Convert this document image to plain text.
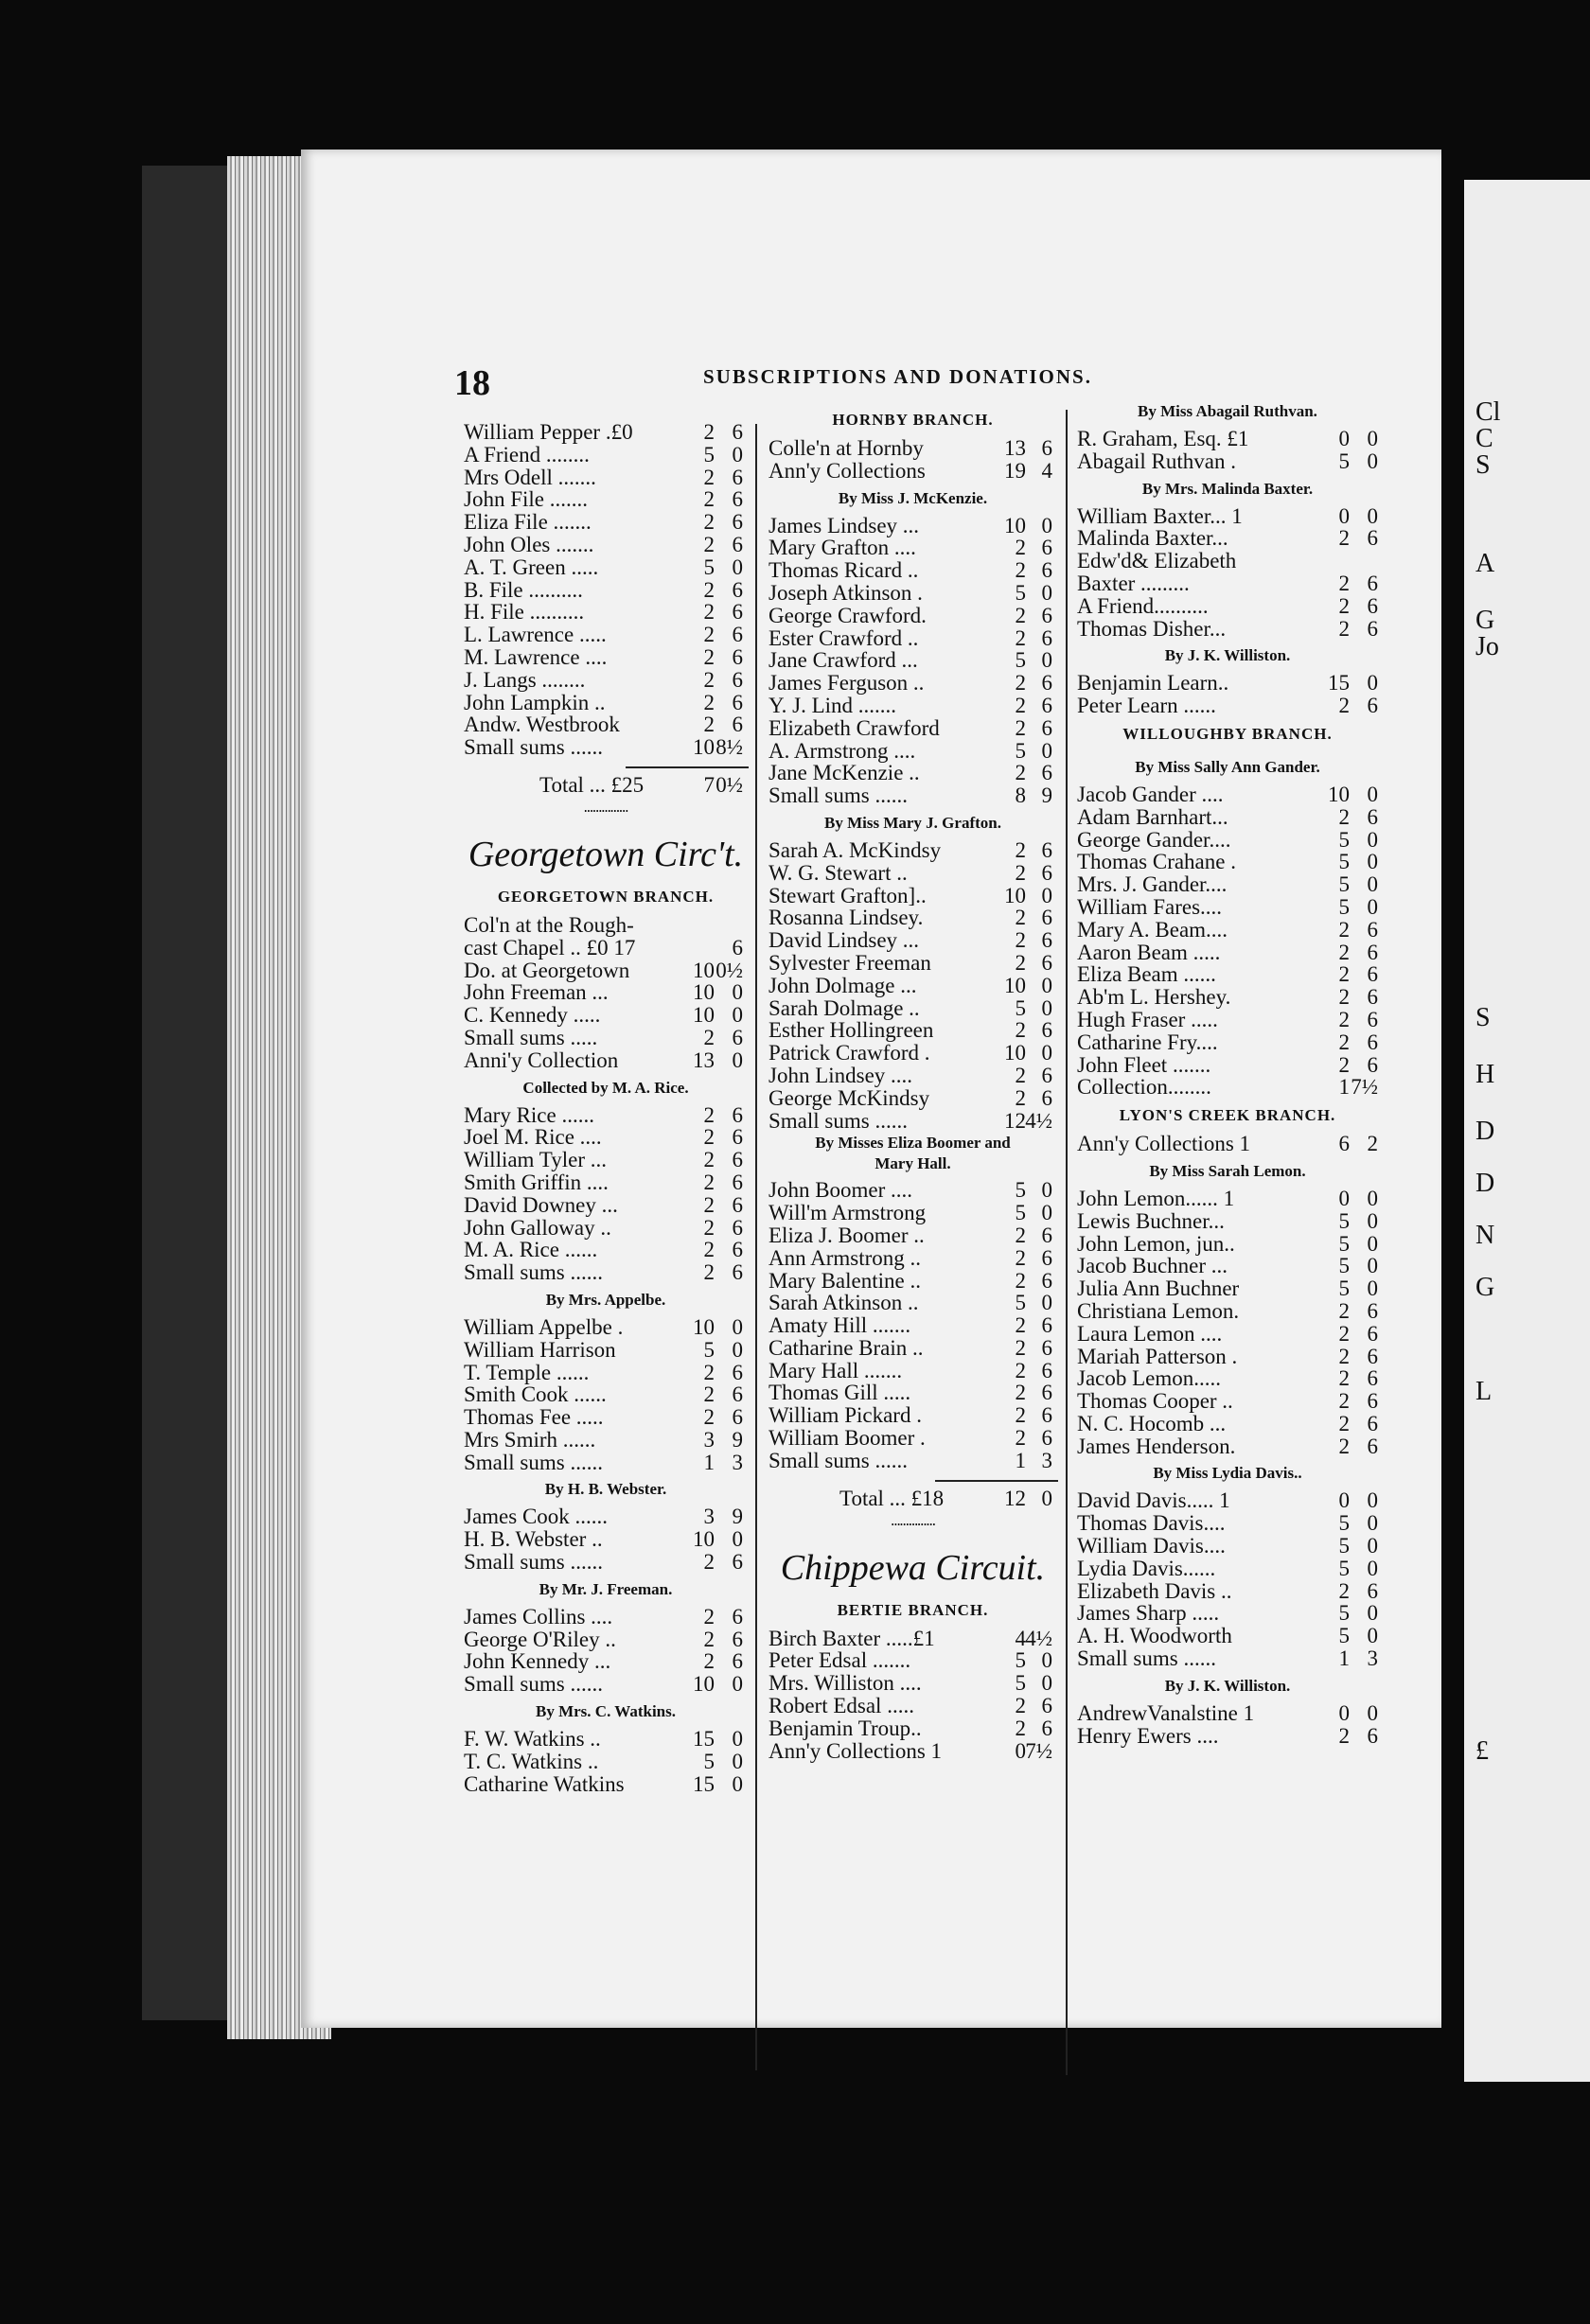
Cl
C
S
A
G
Jo
S
H
D
D
N
G
L
£
18	SUBSCRIPTIONS AND DONATIONS.
William Pepper .£0	2 6
A Friend ........	5 0
Mrs Odell .......	2 6
John File .......	2 6
Eliza File .......	2 6
John Oles .......	2 6
A. T. Green .....	5 0
B. File ..........	2 6
H. File ..........	2 6
L. Lawrence .....	2 6
M. Lawrence ....	2 6
J. Langs ........	2 6
John Lampkin ..	2 6
Andw. Westbrook	2 6
Small sums ......	10 8½
Total ... £25	7 0½
ⵈⵈⵈⵈⵈ
Georgetown Circ't.
GEORGETOWN BRANCH.
Col'n at the Rough-
cast Chapel .. £0 17	6
Do. at Georgetown	10 0½
John Freeman ...	10 0
C. Kennedy .....	10 0
Small sums .....	2 6
Anni'y Collection	13 0
Collected by M. A. Rice.
Mary Rice ......	2 6
Joel M. Rice ....	2 6
William Tyler ...	2 6
Smith Griffin ....	2 6
David Downey ...	2 6
John Galloway ..	2 6
M. A. Rice ......	2 6
Small sums ......	2 6
By Mrs. Appelbe.
William Appelbe .	10 0
William Harrison	5 0
T. Temple ......	2 6
Smith Cook ......	2 6
Thomas Fee .....	2 6
Mrs Smirh ......	3 9
Small sums ......	1 3
By H. B. Webster.
James Cook ......	3 9
H. B. Webster ..	10 0
Small sums ......	2 6
By Mr. J. Freeman.
James Collins ....	2 6
George O'Riley ..	2 6
John Kennedy ...	2 6
Small sums ......	10 0
By Mrs. C. Watkins.
F. W. Watkins ..	15 0
T. C. Watkins ..	5 0
Catharine Watkins	15 0
HORNBY BRANCH.
Colle'n at Hornby	13 6
Ann'y Collections	19 4
By Miss J. McKenzie.
James Lindsey ...	10 0
Mary Grafton ....	2 6
Thomas Ricard ..	2 6
Joseph Atkinson .	5 0
George Crawford.	2 6
Ester Crawford ..	2 6
Jane Crawford ...	5 0
James Ferguson ..	2 6
Y. J. Lind .......	2 6
Elizabeth Crawford	2 6
A. Armstrong ....	5 0
Jane McKenzie ..	2 6
Small sums ......	8 9
By Miss Mary J. Grafton.
Sarah A. McKindsy	2 6
W. G. Stewart ..	2 6
Stewart Grafton]..	10 0
Rosanna Lindsey.	2 6
David Lindsey ...	2 6
Sylvester Freeman	2 6
John Dolmage ...	10 0
Sarah Dolmage ..	5 0
Esther Hollingreen	2 6
Patrick Crawford .	10 0
John Lindsey ....	2 6
George McKindsy	2 6
Small sums ......	12 4½
By Misses Eliza Boomer and
Mary Hall.
John Boomer ....	5 0
Will'm Armstrong	5 0
Eliza J. Boomer ..	2 6
Ann Armstrong ..	2 6
Mary Balentine ..	2 6
Sarah Atkinson ..	5 0
Amaty Hill .......	2 6
Catharine Brain ..	2 6
Mary Hall .......	2 6
Thomas Gill .....	2 6
William Pickard .	2 6
William Boomer .	2 6
Small sums ......	1 3
Total ... £18	12 0
ⵈⵈⵈⵈⵈ
Chippewa Circuit.
BERTIE BRANCH.
Birch Baxter .....£1	4 4½
Peter Edsal .......	5 0
Mrs. Williston ....	5 0
Robert Edsal .....	2 6
Benjamin Troup..	2 6
Ann'y Collections 1	0 7½
By Miss Abagail Ruthvan.
R. Graham, Esq. £1	0 0
Abagail Ruthvan .	5 0
By Mrs. Malinda Baxter.
William Baxter... 1	0 0
Malinda Baxter...	2 6
Edw'd& Elizabeth
Baxter .........	2 6
A Friend..........	2 6
Thomas Disher...	2 6
By J. K. Williston.
Benjamin Learn..	15 0
Peter Learn ......	2 6
WILLOUGHBY BRANCH.
By Miss Sally Ann Gander.
Jacob Gander ....	10 0
Adam Barnhart...	2 6
George Gander....	5 0
Thomas Crahane .	5 0
Mrs. J. Gander....	5 0
William Fares....	5 0
Mary A. Beam....	2 6
Aaron Beam .....	2 6
Eliza Beam ......	2 6
Ab'm L. Hershey.	2 6
Hugh Fraser .....	2 6
Catharine Fry....	2 6
John Fleet .......	2 6
Collection........	1 7½
LYON'S CREEK BRANCH.
Ann'y Collections 1	6 2
By Miss Sarah Lemon.
John Lemon...... 1	0 0
Lewis Buchner...	5 0
John Lemon, jun..	5 0
Jacob Buchner ...	5 0
Julia Ann Buchner	5 0
Christiana Lemon.	2 6
Laura Lemon ....	2 6
Mariah Patterson .	2 6
Jacob Lemon.....	2 6
Thomas Cooper ..	2 6
N. C. Hocomb ...	2 6
James Henderson.	2 6
By Miss Lydia Davis..
David Davis..... 1	0 0
Thomas Davis....	5 0
William Davis....	5 0
Lydia Davis......	5 0
Elizabeth Davis ..	2 6
James Sharp .....	5 0
A. H. Woodworth	5 0
Small sums ......	1 3
By J. K. Williston.
AndrewVanalstine 1	0 0
Henry Ewers ....	2 6
